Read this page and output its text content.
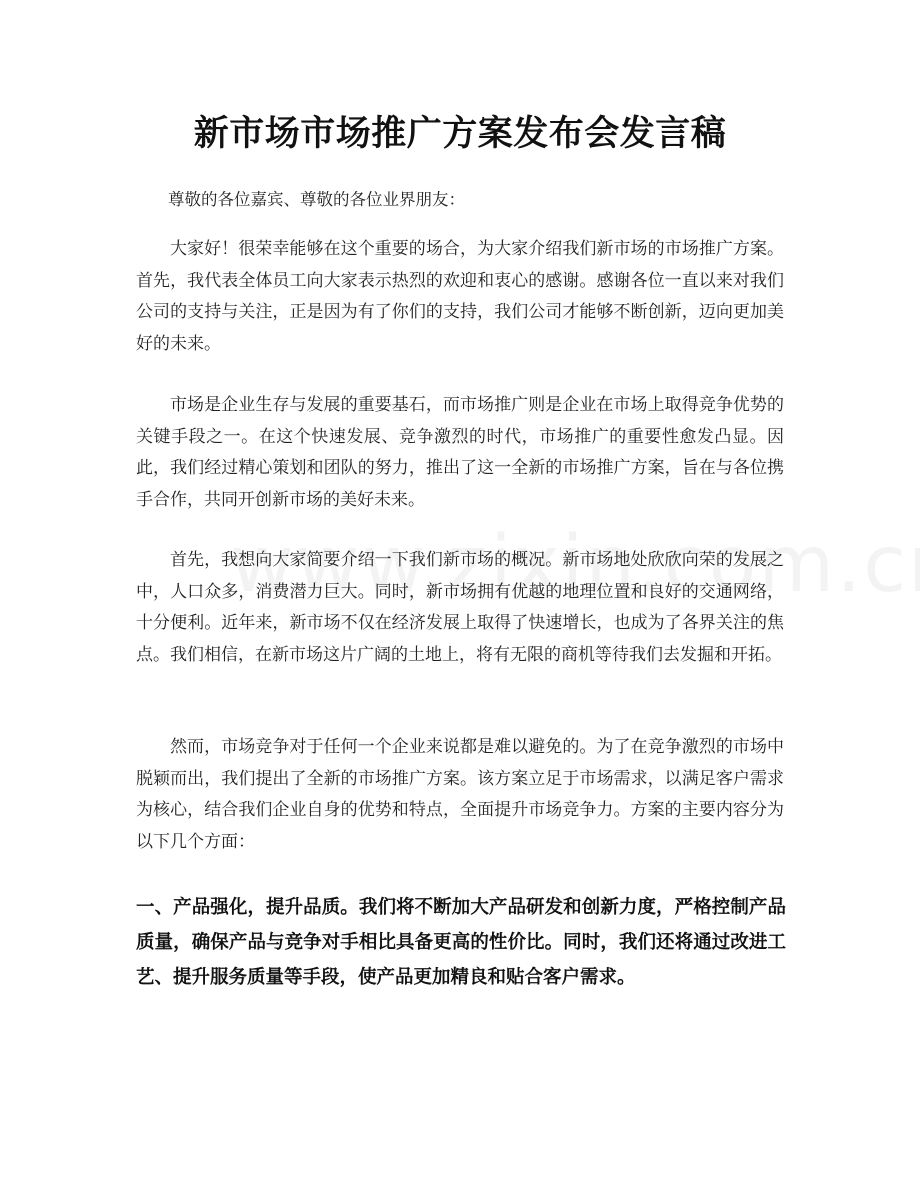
新市场市场推广方案发布会发言稿

尊敬的各位嘉宾、尊敬的各位业界朋友：

大家好！很荣幸能够在这个重要的场合，为大家介绍我们新市场的市场推广方案。首先，我代表全体员工向大家表示热烈的欢迎和衷心的感谢。感谢各位一直以来对我们公司的支持与关注，正是因为有了你们的支持，我们公司才能够不断创新，迈向更加美好的未来。

市场是企业生存与发展的重要基石，而市场推广则是企业在市场上取得竞争优势的关键手段之一。在这个快速发展、竞争激烈的时代，市场推广的重要性愈发凸显。因此，我们经过精心策划和团队的努力，推出了这一全新的市场推广方案，旨在与各位携手合作，共同开创新市场的美好未来。

首先，我想向大家简要介绍一下我们新市场的概况。新市场地处欣欣向荣的发展之中，人口众多，消费潜力巨大。同时，新市场拥有优越的地理位置和良好的交通网络，十分便利。近年来，新市场不仅在经济发展上取得了快速增长，也成为了各界关注的焦点。我们相信，在新市场这片广阔的土地上，将有无限的商机等待我们去发掘和开拓。

然而，市场竞争对于任何一个企业来说都是难以避免的。为了在竞争激烈的市场中脱颖而出，我们提出了全新的市场推广方案。该方案立足于市场需求，以满足客户需求为核心，结合我们企业自身的优势和特点，全面提升市场竞争力。方案的主要内容分为以下几个方面：

一、产品强化，提升品质。我们将不断加大产品研发和创新力度，严格控制产品质量，确保产品与竞争对手相比具备更高的性价比。同时，我们还将通过改进工艺、提升服务质量等手段，使产品更加精良和贴合客户需求。
